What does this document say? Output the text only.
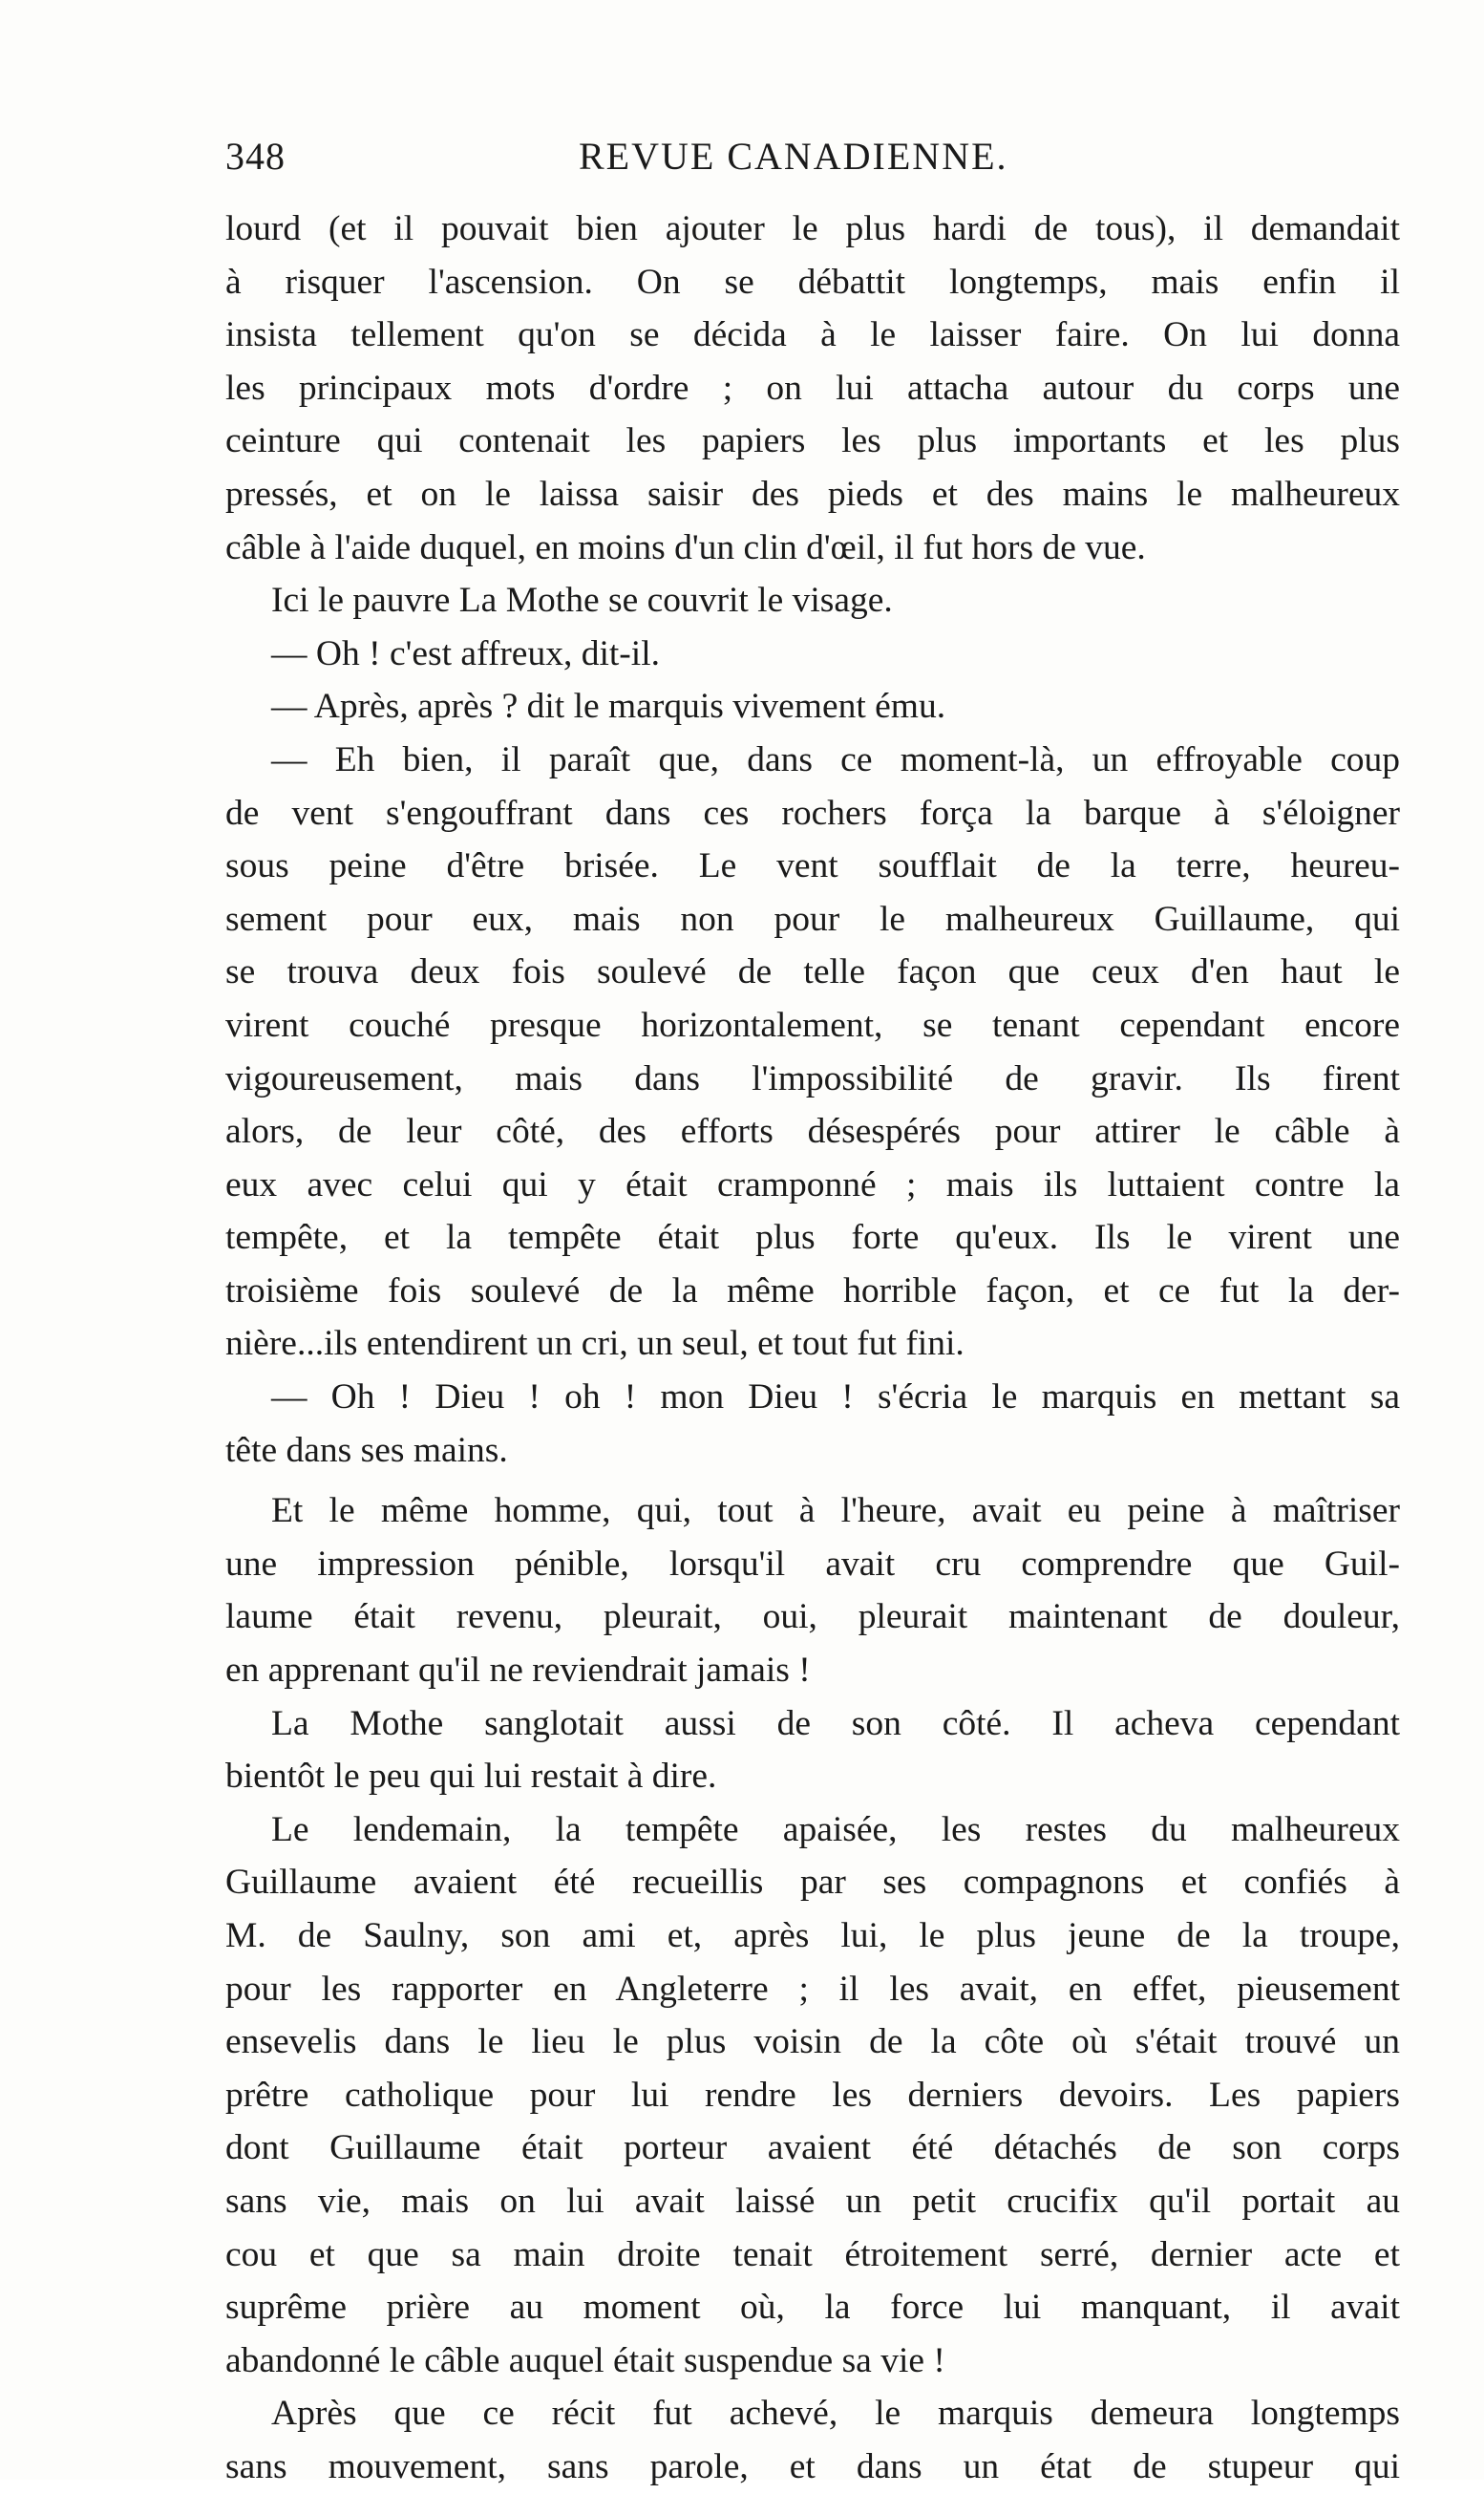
348	REVUE CANADIENNE.
lourd (et il pouvait bien ajouter le plus hardi de tous), il demandait
à risquer l'ascension. On se débattit longtemps, mais enfin il
insista tellement qu'on se décida à le laisser faire. On lui donna
les principaux mots d'ordre ; on lui attacha autour du corps une
ceinture qui contenait les papiers les plus importants et les plus
pressés, et on le laissa saisir des pieds et des mains le malheureux
câble à l'aide duquel, en moins d'un clin d'œil, il fut hors de vue.
Ici le pauvre La Mothe se couvrit le visage.
— Oh ! c'est affreux, dit-il.
— Après, après ? dit le marquis vivement ému.
— Eh bien, il paraît que, dans ce moment-là, un effroyable coup
de vent s'engouffrant dans ces rochers força la barque à s'éloigner
sous peine d'être brisée. Le vent soufflait de la terre, heureu-
sement pour eux, mais non pour le malheureux Guillaume, qui
se trouva deux fois soulevé de telle façon que ceux d'en haut le
virent couché presque horizontalement, se tenant cependant encore
vigoureusement, mais dans l'impossibilité de gravir. Ils firent
alors, de leur côté, des efforts désespérés pour attirer le câble à
eux avec celui qui y était cramponné ; mais ils luttaient contre la
tempête, et la tempête était plus forte qu'eux. Ils le virent une
troisième fois soulevé de la même horrible façon, et ce fut la der-
nière...ils entendirent un cri, un seul, et tout fut fini.
— Oh ! Dieu ! oh ! mon Dieu ! s'écria le marquis en mettant sa
tête dans ses mains.
Et le même homme, qui, tout à l'heure, avait eu peine à maîtriser
une impression pénible, lorsqu'il avait cru comprendre que Guil-
laume était revenu, pleurait, oui, pleurait maintenant de douleur,
en apprenant qu'il ne reviendrait jamais !
La Mothe sanglotait aussi de son côté. Il acheva cependant
bientôt le peu qui lui restait à dire.
Le lendemain, la tempête apaisée, les restes du malheureux
Guillaume avaient été recueillis par ses compagnons et confiés à
M. de Saulny, son ami et, après lui, le plus jeune de la troupe,
pour les rapporter en Angleterre ; il les avait, en effet, pieusement
ensevelis dans le lieu le plus voisin de la côte où s'était trouvé un
prêtre catholique pour lui rendre les derniers devoirs. Les papiers
dont Guillaume était porteur avaient été détachés de son corps
sans vie, mais on lui avait laissé un petit crucifix qu'il portait au
cou et que sa main droite tenait étroitement serré, dernier acte et
suprême prière au moment où, la force lui manquant, il avait
abandonné le câble auquel était suspendue sa vie !
Après que ce récit fut achevé, le marquis demeura longtemps
sans mouvement, sans parole, et dans un état de stupeur qui
